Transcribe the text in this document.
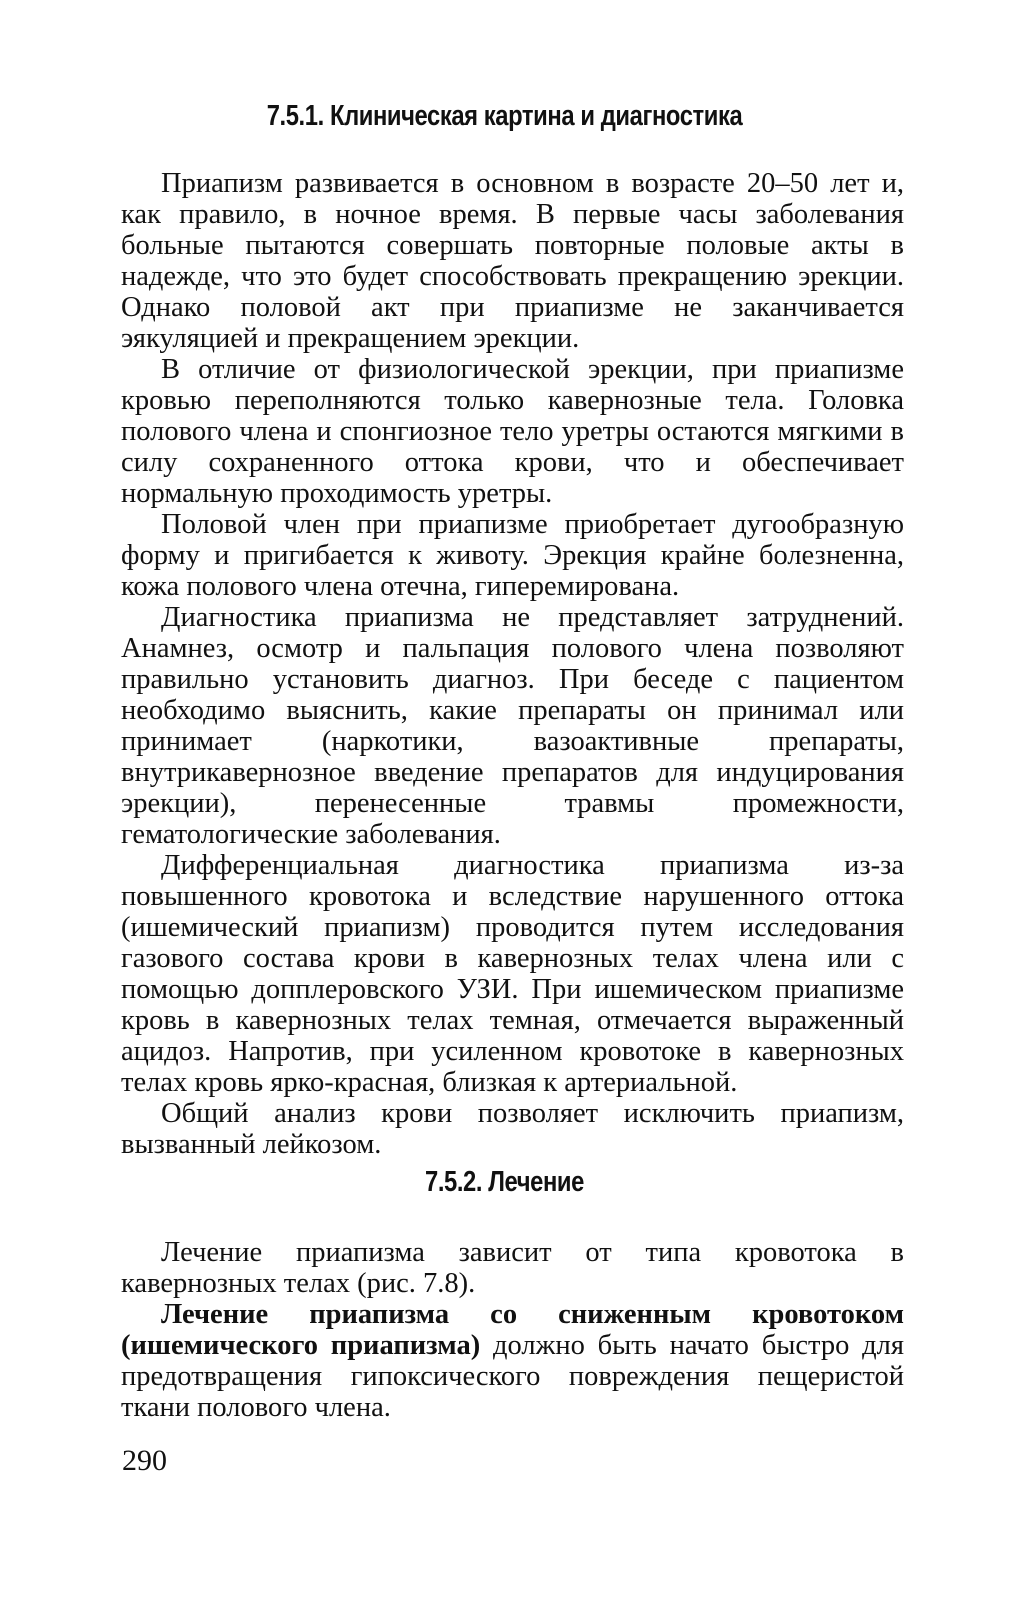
7.5.1. Клиническая картина и диагностика

Приапизм развивается в основном в возрасте 20–50 лет и, как правило, в ночное время. В первые часы заболевания больные пытаются совершать повторные половые акты в надежде, что это будет способствовать прекращению эрекции. Однако половой акт при приапизме не заканчивается эякуляцией и прекращением эрекции.

В отличие от физиологической эрекции, при приапизме кровью переполняются только кавернозные тела. Головка полового члена и спонгиозное тело уретры остаются мягкими в силу сохраненного оттока крови, что и обеспечивает нормальную проходимость уретры.

Половой член при приапизме приобретает дугообразную форму и пригибается к животу. Эрекция крайне болезненна, кожа полового члена отечна, гиперемирована.

Диагностика приапизма не представляет затруднений. Анамнез, осмотр и пальпация полового члена позволяют правильно установить диагноз. При беседе с пациентом необходимо выяснить, какие препараты он принимал или принимает (наркотики, вазоактивные препараты, внутрикавернозное введение препаратов для индуцирования эрекции), перенесенные травмы промежности, гематологические заболевания.

Дифференциальная диагностика приапизма из-за повышенного кровотока и вследствие нарушенного оттока (ишемический приапизм) проводится путем исследования газового состава крови в кавернозных телах члена или с помощью допплеровского УЗИ. При ишемическом приапизме кровь в кавернозных телах темная, отмечается выраженный ацидоз. Напротив, при усиленном кровотоке в кавернозных телах кровь ярко-красная, близкая к артериальной.

Общий анализ крови позволяет исключить приапизм, вызванный лейкозом.

7.5.2. Лечение

Лечение приапизма зависит от типа кровотока в кавернозных телах (рис. 7.8).

Лечение приапизма со сниженным кровотоком (ишемического приапизма) должно быть начато быстро для предотвращения гипоксического повреждения пещеристой ткани полового члена.

290
